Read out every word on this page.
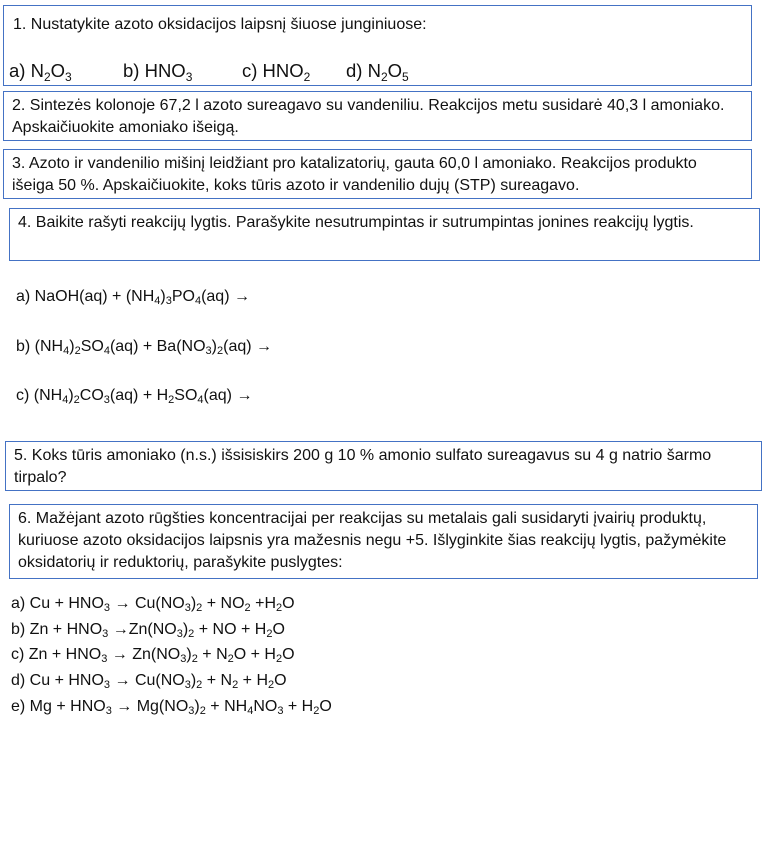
1. Nustatykite azoto oksidacijos laipsnį šiuose junginiuose:
a) $N_2O_3$	b) $HNO_3$	c) $HNO_2$ d) $N_2O_5$
2. Sintezės kolonoje 67,2 l azoto sureagavo su vandeniliu. Reakcijos metu susidarė 40,3 l amoniako. Apskaičiuokite amoniako išeigą.
3. Azoto ir vandenilio mišinį leidžiant pro katalizatorių, gauta 60,0 l amoniako. Reakcijos produkto išeiga 50 %. Apskaičiuokite, koks tūris azoto ir vandenilio dujų (STP) sureagavo.
4. Baikite rašyti reakcijų lygtis. Parašykite nesutrumpintas ir sutrumpintas jonines reakcijų lygtis.
a) NaOH(aq) + $(NH_4)_3PO_4(aq)$ →
b) $(NH_4)_2SO_4(aq) + Ba(NO_3)_2(aq)$ →
c) $(NH_4)_2CO_3(aq) + H_2SO_4(aq)$ →
5. Koks tūris amoniako (n.s.) išsisiskirs 200 g 10 % amonio sulfato sureagavus su 4 g natrio šarmo tirpalo?
6. Mažėjant azoto rūgšties koncentracijai per reakcijas su metalais gali susidaryti įvairių produktų, kuriuose azoto oksidacijos laipsnis yra mažesnis negu +5. Išlyginkite šias reakcijų lygtis, pažymėkite oksidatorių ir reduktorių, parašykite puslygtes:
a) $Cu + HNO_3 \to Cu(NO_3)_2 + NO_2 +H_2O$
b) $Zn + HNO_3 \to Zn(NO_3)_2$ + NO + $H_2O$
c) $Zn + HNO_3 \to Zn(NO_3)_2 + N_2O + H_2O$
d) $Cu + HNO_3 \to Cu(NO_3)_2 + N_2 + H_2O$
e) $Mg + HNO_3 \to Mg(NO_3)_2 + NH_4NO_3 + H_2O$
